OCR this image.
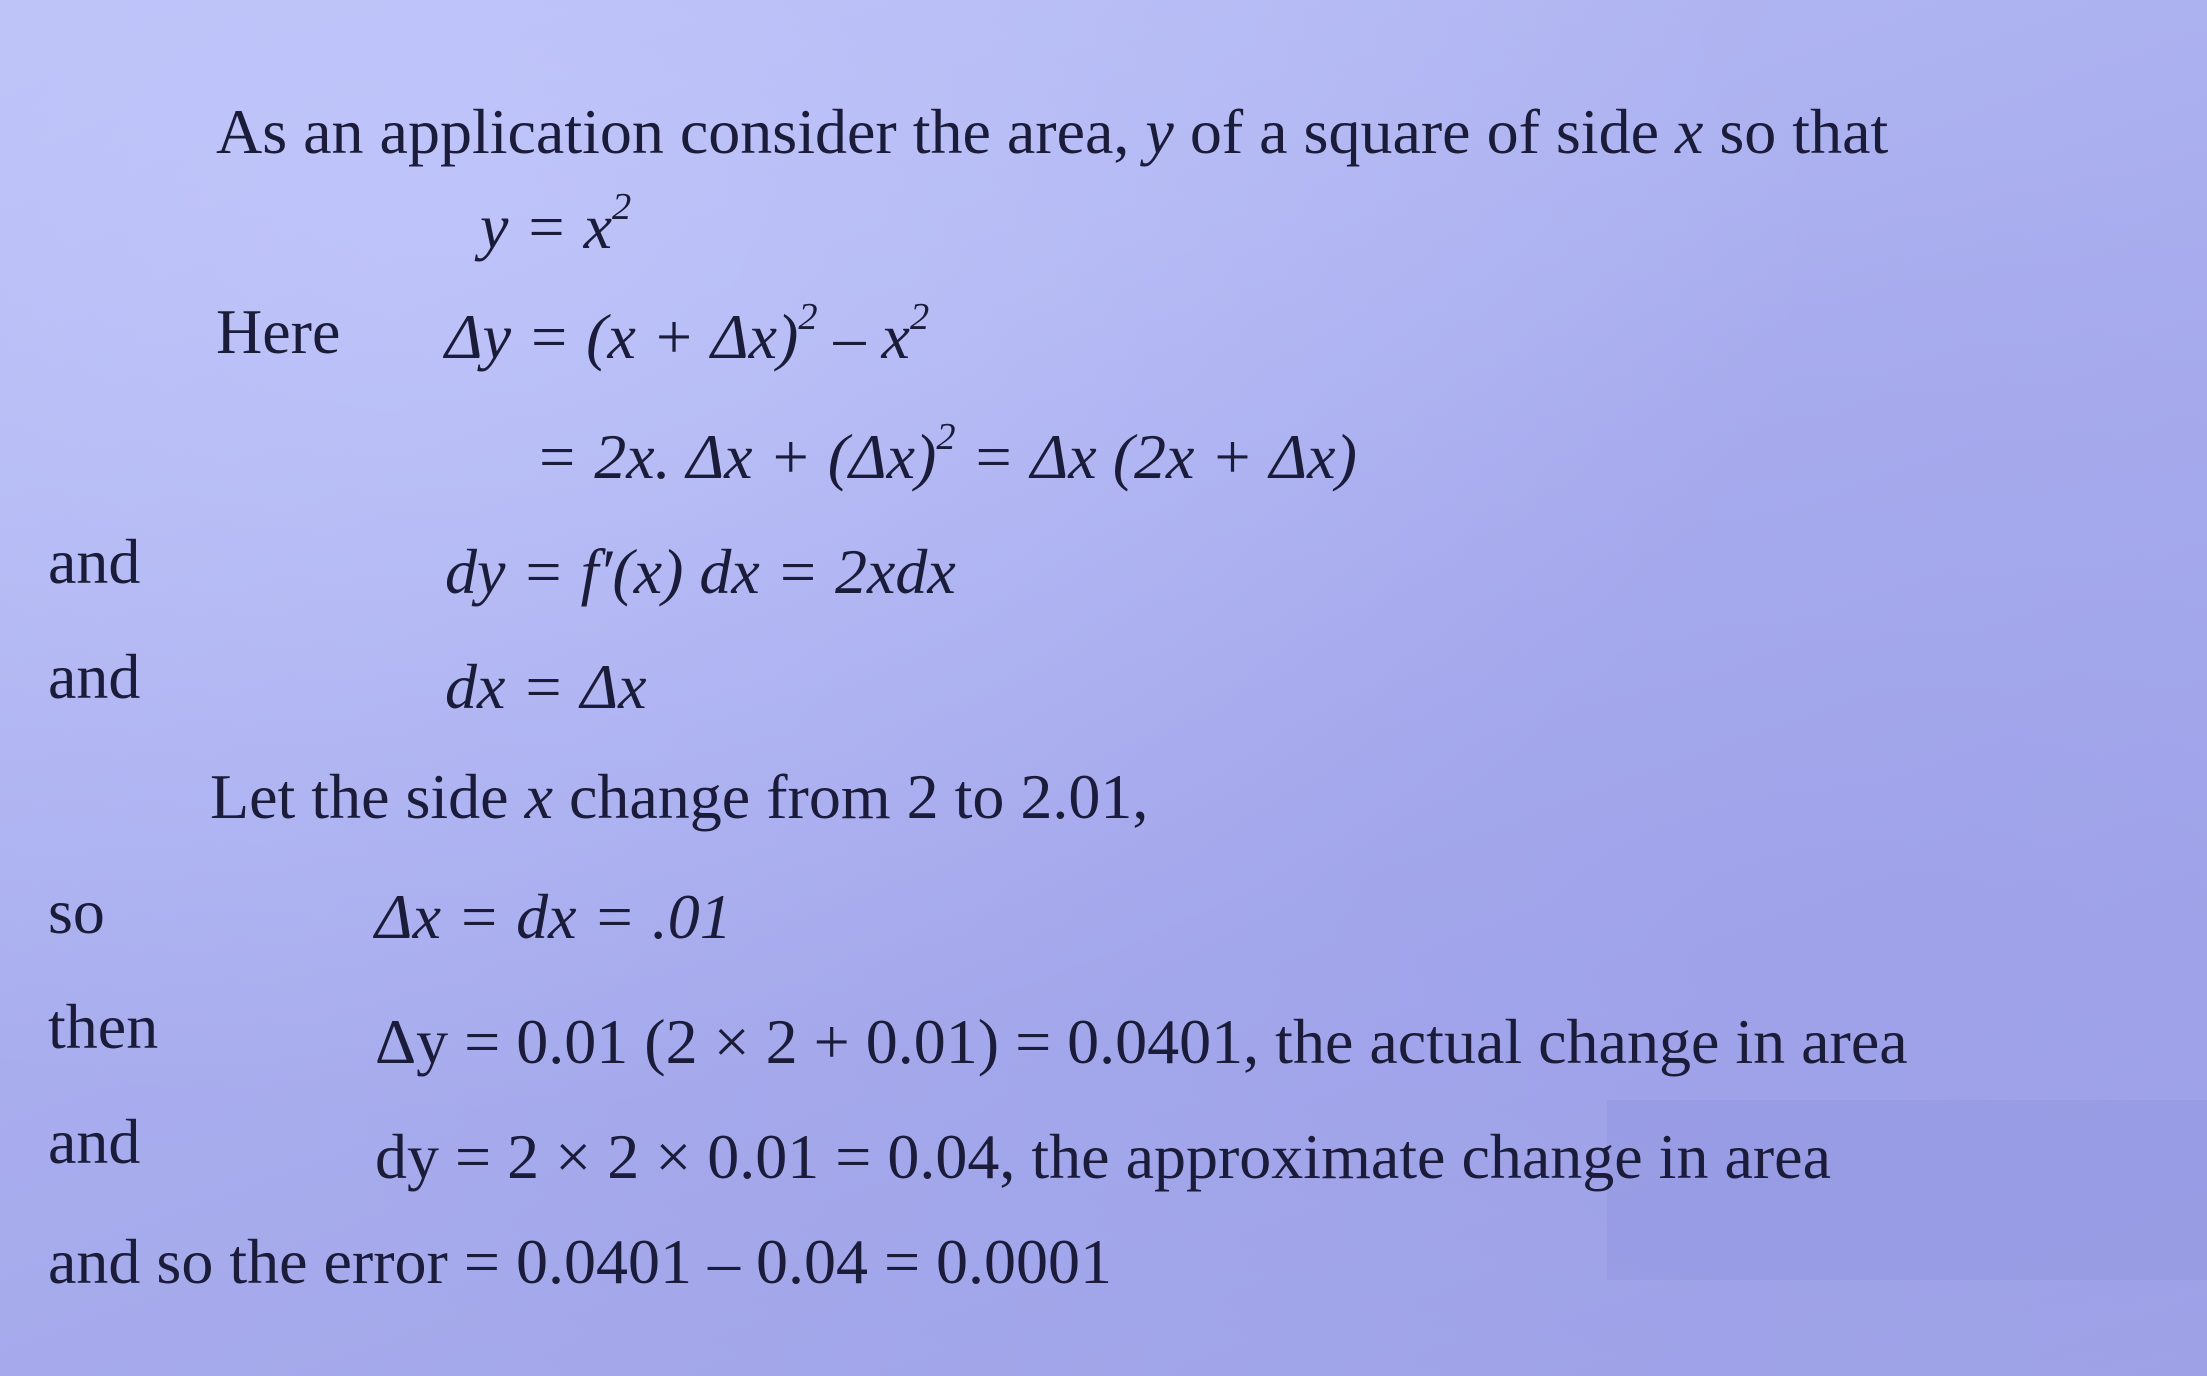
As an application consider the area, y of a square of side x so that
$y = x^2$
Here $\Delta y = (x + \Delta x)^2 - x^2$
= 2x. $\Delta x + (\Delta x)^2 = \Delta x$ (2x + Δx)
and	dy = f′(x) dx = 2xdx
and	dx = Δx
Let the side x change from 2 to 2.01,
so	Δx = dx = .01
then	Δy = 0.01 (2 × 2 + 0.01) = 0.0401, the actual change in area
and	dy = 2 × 2 × 0.01 = 0.04, the approximate change in area
and so the error = 0.0401 – 0.04 = 0.0001
